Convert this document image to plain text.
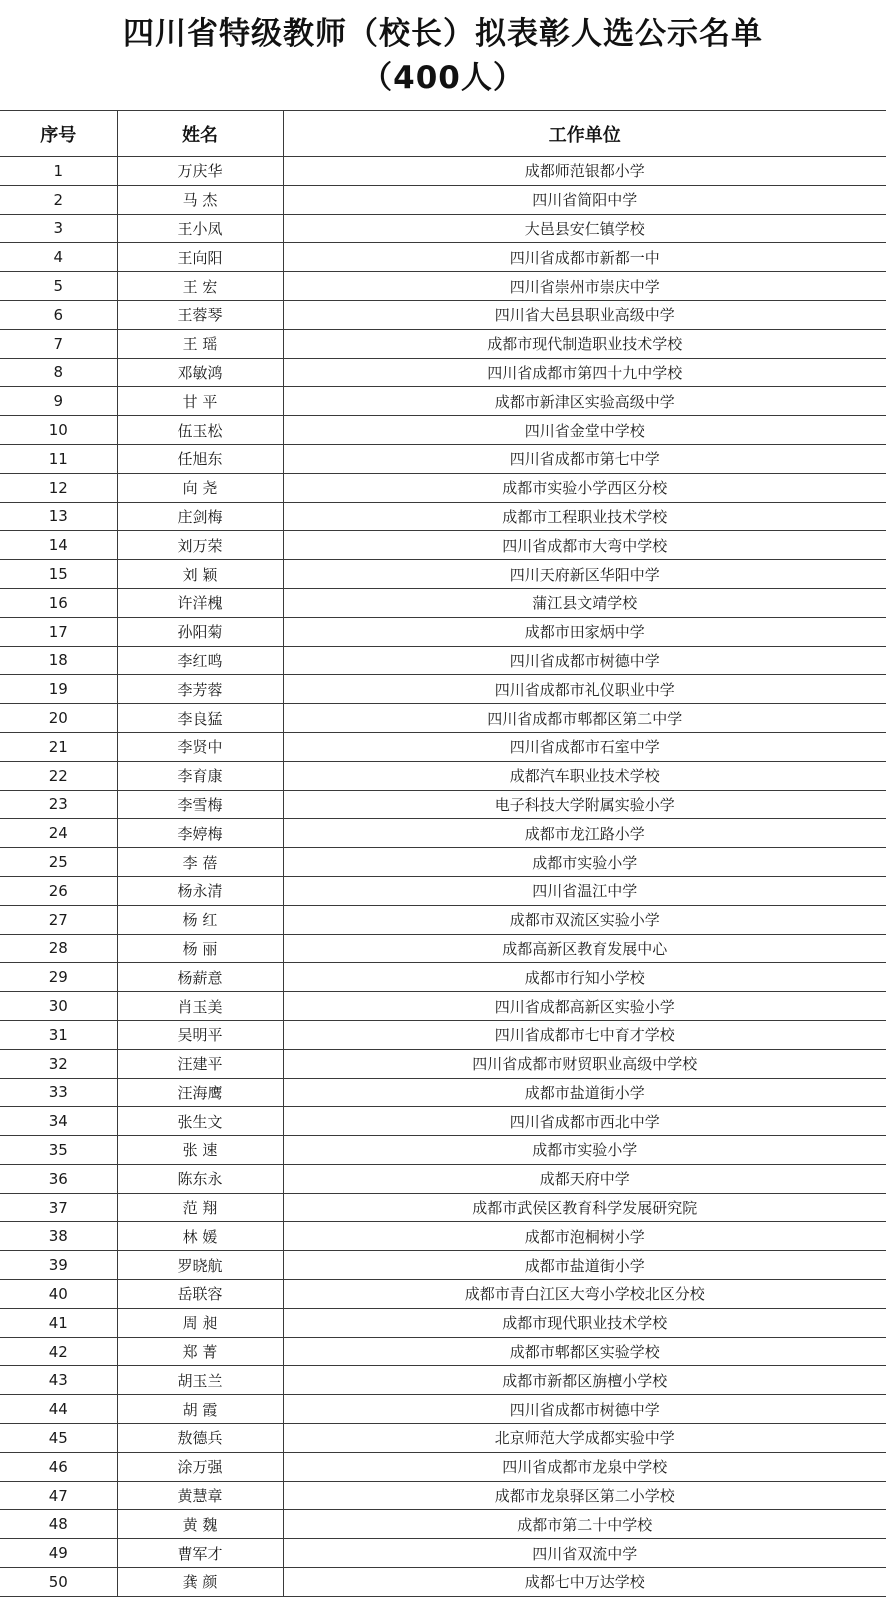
四川省特级教师（校长）拟表彰人选公示名单
（400人）
序号	姓名	工作单位
1	万庆华	成都师范银都小学
2	马 杰	四川省简阳中学
3	王小凤	大邑县安仁镇学校
4	王向阳	四川省成都市新都一中
5	王 宏	四川省崇州市崇庆中学
6	王蓉琴	四川省大邑县职业高级中学
7	王 瑶	成都市现代制造职业技术学校
8	邓敏鸿	四川省成都市第四十九中学校
9	甘 平	成都市新津区实验高级中学
10	伍玉松	四川省金堂中学校
11	任旭东	四川省成都市第七中学
12	向 尧	成都市实验小学西区分校
13	庄剑梅	成都市工程职业技术学校
14	刘万荣	四川省成都市大弯中学校
15	刘 颖	四川天府新区华阳中学
16	许洋槐	蒲江县文靖学校
17	孙阳菊	成都市田家炳中学
18	李红鸣	四川省成都市树德中学
19	李芳蓉	四川省成都市礼仪职业中学
20	李良猛	四川省成都市郫都区第二中学
21	李贤中	四川省成都市石室中学
22	李育康	成都汽车职业技术学校
23	李雪梅	电子科技大学附属实验小学
24	李婷梅	成都市龙江路小学
25	李 蓓	成都市实验小学
26	杨永清	四川省温江中学
27	杨 红	成都市双流区实验小学
28	杨 丽	成都高新区教育发展中心
29	杨薪意	成都市行知小学校
30	肖玉美	四川省成都高新区实验小学
31	吴明平	四川省成都市七中育才学校
32	汪建平	四川省成都市财贸职业高级中学校
33	汪海鹰	成都市盐道街小学
34	张生文	四川省成都市西北中学
35	张 速	成都市实验小学
36	陈东永	成都天府中学
37	范 翔	成都市武侯区教育科学发展研究院
38	林 媛	成都市泡桐树小学
39	罗晓航	成都市盐道街小学
40	岳联容	成都市青白江区大弯小学校北区分校
41	周 昶	成都市现代职业技术学校
42	郑 菁	成都市郫都区实验学校
43	胡玉兰	成都市新都区旃檀小学校
44	胡 霞	四川省成都市树德中学
45	敖德兵	北京师范大学成都实验中学
46	涂万强	四川省成都市龙泉中学校
47	黄慧章	成都市龙泉驿区第二小学校
48	黄 魏	成都市第二十中学校
49	曹军才	四川省双流中学
50	龚 颜	成都七中万达学校
